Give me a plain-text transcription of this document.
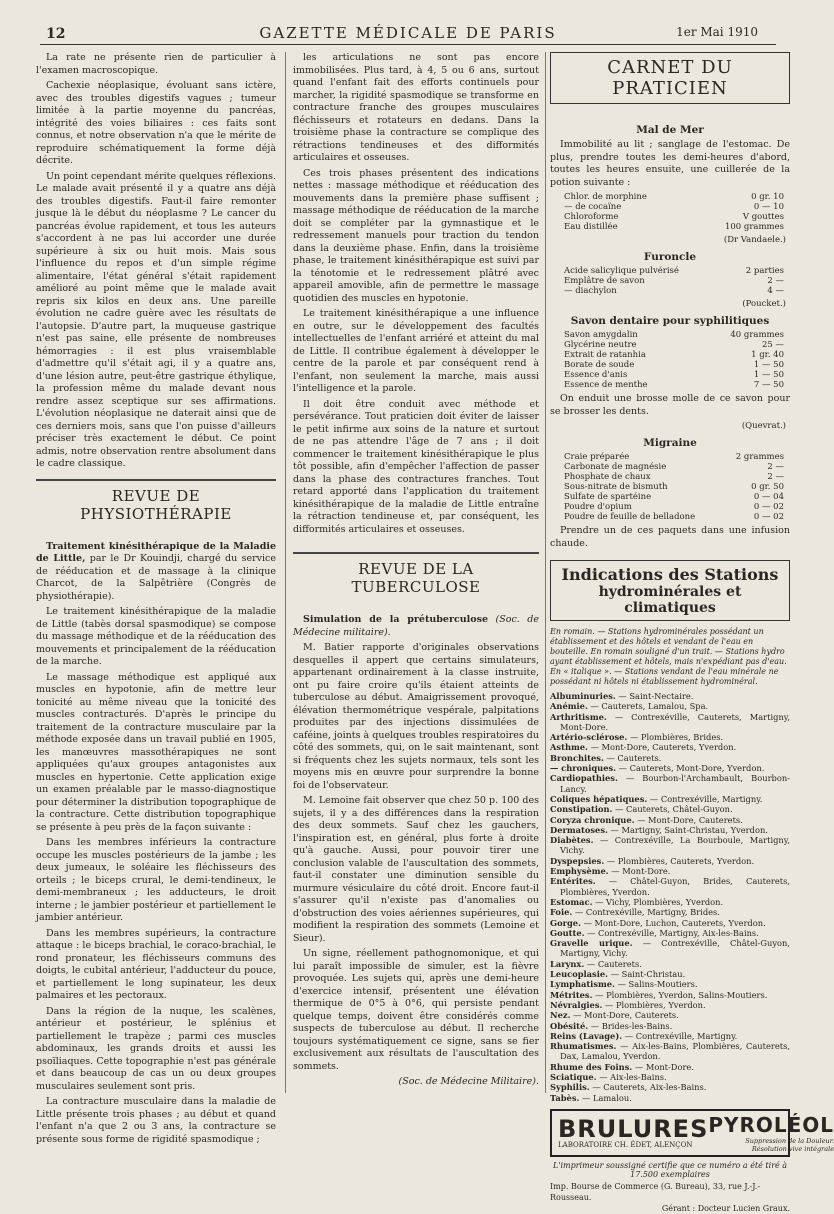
12	GAZETTE MÉDICALE DE PARIS	1er Mai 1910

La rate ne présente rien de particulier à l'examen macroscopique.

Cachexie néoplasique, évoluant sans ictère, avec des troubles digestifs vagues ; tumeur limitée à la partie moyenne du pancréas, intégrité des voies biliaires : ces faits sont connus, et notre observation n'a que le mérite de reproduire schématiquement la forme déjà décrite.

Un point cependant mérite quelques réflexions. Le malade avait présenté il y a quatre ans déjà des troubles digestifs. Faut-il faire remonter jusque là le début du néoplasme ? Le cancer du pancréas évolue rapidement, et tous les auteurs s'accordent à ne pas lui accorder une durée supérieure à six ou huit mois. Mais sous l'influence du repos et d'un simple régime alimentaire, l'état général s'était rapidement amélioré au point même que le malade avait repris six kilos en deux ans. Une pareille évolution ne cadre guère avec les résultats de l'autopsie. D'autre part, la muqueuse gastrique n'est pas saine, elle présente de nombreuses hémorragies : il est plus vraisemblable d'admettre qu'il s'était agi, il y a quatre ans, d'une lésion autre, peut-être gastrique éthylique, la profession même du malade devant nous rendre assez sceptique sur ses affirmations. L'évolution néoplasique ne daterait ainsi que de ces derniers mois, sans que l'on puisse d'ailleurs préciser très exactement le début. Ce point admis, notre observation rentre absolument dans le cadre classique.

REVUE DE PHYSIOTHÉRAPIE

Traitement kinésithérapique de la Maladie de Little, par le Dr Kouindji, chargé du service de rééducation et de massage à la clinique Charcot, de la Salpêtrière (Congrès de physiothérapie).

Le traitement kinésithérapique de la maladie de Little (tabès dorsal spasmodique) se compose du massage méthodique et de la rééducation des mouvements et principalement de la rééducation de la marche.

Le massage méthodique est appliqué aux muscles en hypotonie, afin de mettre leur tonicité au même niveau que la tonicité des muscles contracturés. D'après le principe du traitement de la contracture musculaire par la méthode exposée dans un travail publié en 1905, les manœuvres massothérapiques ne sont appliquées qu'aux groupes antagonistes aux muscles en hypertonie. Cette application exige un examen préalable par le masso-diagnostique pour déterminer la distribution topographique de la contracture. Cette distribution topographique se présente à peu près de la façon suivante :

Dans les membres inférieurs la contracture occupe les muscles postérieurs de la jambe ; les deux jumeaux, le soléaire les fléchisseurs des orteils ; le biceps crural, le demi-tendineux, le demi-membraneux ; les adducteurs, le droit interne ; le jambier postérieur et partiellement le jambier antérieur.

Dans les membres supérieurs, la contracture attaque : le biceps brachial, le coraco-brachial, le rond pronateur, les fléchisseurs communs des doigts, le cubital antérieur, l'adducteur du pouce, et partiellement le long supinateur, les deux palmaires et les pectoraux.

Dans la région de la nuque, les scalènes, antérieur et postérieur, le splénius et partiellement le trapèze ; parmi ces muscles abdominaux, les grands droits et aussi les psoïliaques. Cette topographie n'est pas générale et dans beaucoup de cas un ou deux groupes musculaires seulement sont pris.

La contracture musculaire dans la maladie de Little présente trois phases ; au début et quand l'enfant n'a que 2 ou 3 ans, la contracture se présente sous forme de rigidité spasmodique ;

les articulations ne sont pas encore immobilisées. Plus tard, à 4, 5 ou 6 ans, surtout quand l'enfant fait des efforts continuels pour marcher, la rigidité spasmodique se transforme en contracture franche des groupes musculaires fléchisseurs et rotateurs en dedans. Dans la troisième phase la contracture se complique des rétractions tendineuses et des difformités articulaires et osseuses.

Ces trois phases présentent des indications nettes : massage méthodique et rééducation des mouvements dans la première phase suffisent ; massage méthodique de rééducation de la marche doit se compléter par la gymnastique et le redressement manuels pour traction du tendon dans la deuxième phase. Enfin, dans la troisième phase, le traitement kinésithérapique est suivi par la ténotomie et le redressement plâtré avec appareil amovible, afin de permettre le massage quotidien des muscles en hypotonie.

Le traitement kinésithérapique a une influence en outre, sur le développement des facultés intellectuelles de l'enfant arriéré et atteint du mal de Little. Il contribue également à développer le centre de la parole et par conséquent rend à l'enfant, non seulement la marche, mais aussi l'intelligence et la parole.

Il doit être conduit avec méthode et persévérance. Tout praticien doit éviter de laisser le petit infirme aux soins de la nature et surtout de ne pas attendre l'âge de 7 ans ; il doit commencer le traitement kinésithérapique le plus tôt possible, afin d'empêcher l'affection de passer dans la phase des contractures franches. Tout retard apporté dans l'application du traitement kinésithérapique de la maladie de Little entraîne la rétraction tendineuse et, par conséquent, les difformités articulaires et osseuses.

REVUE DE LA TUBERCULOSE

Simulation de la prétuberculose (Soc. de Médecine militaire).

M. Batier rapporte d'originales observations desquelles il appert que certains simulateurs, appartenant ordinairement à la classe instruite, ont pu faire croire qu'ils étaient atteints de tuberculose au début. Amaigrissement provoqué, élévation thermométrique vespérale, palpitations produites par des injections dissimulées de caféine, joints à quelques troubles respiratoires du côté des sommets, qui, on le sait maintenant, sont si fréquents chez les sujets normaux, tels sont les moyens mis en œuvre pour surprendre la bonne foi de l'observateur.

M. Lemoine fait observer que chez 50 p. 100 des sujets, il y a des différences dans la respiration des deux sommets. Sauf chez les gauchers, l'inspiration est, en général, plus forte à droite qu'à gauche. Aussi, pour pouvoir tirer une conclusion valable de l'auscultation des sommets, faut-il constater une diminution sensible du murmure vésiculaire du côté droit. Encore faut-il s'assurer qu'il n'existe pas d'anomalies ou d'obstruction des voies aériennes supérieures, qui modifient la respiration des sommets (Lemoine et Sieur).

Un signe, réellement pathognomonique, et qui lui paraît impossible de simuler, est la fièvre provoquée. Les sujets qui, après une demi-heure d'exercice intensif, présentent une élévation thermique de 0°5 à 0°6, qui persiste pendant quelque temps, doivent être considérés comme suspects de tuberculose au début. Il recherche toujours systématiquement ce signe, sans se fier exclusivement aux résultats de l'auscultation des sommets.

(Soc. de Médecine Militaire).

CARNET DU PRATICIEN
Mal de Mer

Immobilité au lit ; sanglage de l'estomac. De plus, prendre toutes les demi-heures d'abord, toutes les heures ensuite, une cuillerée de la potion suivante :

Chlor. de morphine	0 gr. 10
— de cocaïne	0 — 10
Chloroforme	V gouttes
Eau distillée	100 grammes
(Dr Vandaele.)
Furoncle
Acide salicylique pulvérisé	2 parties
Emplâtre de savon	2 —
— diachylon	4 —
(Poucket.)
Savon dentaire pour syphilitiques
Savon amygdalin	40 grammes
Glycérine neutre	25 —
Extrait de ratanhia	1 gr. 40
Borate de soude	1 — 50
Essence d'anis	1 — 50
Essence de menthe	7 — 50

On enduit une brosse molle de ce savon pour se brosser les dents.

(Quevrat.)
Migraine
Craie préparée	2 grammes
Carbonate de magnésie	2 —
Phosphate de chaux	2 —
Sous-nitrate de bismuth	0 gr. 50
Sulfate de spartéine	0 — 04
Poudre d'opium	0 — 02
Poudre de feuille de belladone	0 — 02

Prendre un de ces paquets dans une infusion chaude.

Indications des Stations
hydrominérales et climatiques
En romain. — Stations hydrominérales possédant un établissement et des hôtels et vendant de l'eau en bouteille. En romain souligné d'un trait. — Stations hydro ayant établissement et hôtels, mais n'expédiant pas d'eau. En « italique ». — Stations vendant de l'eau minérale ne possédant ni hôtels ni établissement hydrominéral.

Albuminuries. — Saint-Nectaire.

Anémie. — Cauterets, Lamalou, Spa.

Arthritisme. — Contrexéville, Cauterets, Martigny, Mont-Dore.

Artério-sclérose. — Plombières, Brides.

Asthme. — Mont-Dore, Cauterets, Yverdon.

Bronchites. — Cauterets.

— chroniques. — Cauterets, Mont-Dore, Yverdon.

Cardiopathies. — Bourbon-l'Archambault, Bourbon-Lancy.

Coliques hépatiques. — Contrexéville, Martigny.

Constipation. — Cauterets, Châtel-Guyon.

Coryza chronique. — Mont-Dore, Cauterets.

Dermatoses. — Martigny, Saint-Christau, Yverdon.

Diabètes. — Contrexéville, La Bourboule, Martigny, Vichy.

Dyspepsies. — Plombières, Cauterets, Yverdon.

Emphysème. — Mont-Dore.

Entérites. — Châtel-Guyon, Brides, Cauterets, Plombières, Yverdon.

Estomac. — Vichy, Plombières, Yverdon.

Foie. — Contrexéville, Martigny, Brides.

Gorge. — Mont-Dore, Luchon, Cauterets, Yverdon.

Goutte. — Contrexéville, Martigny, Aix-les-Bains.

Gravelle urique. — Contrexéville, Châtel-Guyon, Martigny, Vichy.

Larynx. — Cauterets.

Leucoplasie. — Saint-Christau.

Lymphatisme. — Salins-Moutiers.

Métrites. — Plombières, Yverdon, Salins-Moutiers.

Névralgies. — Plombières, Yverdon.

Nez. — Mont-Dore, Cauterets.

Obésité. — Brides-les-Bains.

Reins (Lavage). — Contrexéville, Martigny.

Rhumatismes. — Aix-les-Bains, Plombières, Cauterets, Dax, Lamalou, Yverdon.

Rhume des Foins. — Mont-Dore.

Sciatique. — Aix-les-Bains.

Syphilis. — Cauterets, Aix-les-Bains.

Tabès. — Lamalou.

BRULURES
LABORATOIRE CH. ÉDET, ALENÇON
PYROLÉOL
Suppression de la Douleur. Résolution vive intégrale
L'imprimeur soussigné certifie que ce numéro a été tiré à 17.500 exemplaires
Imp. Bourse de Commerce (G. Bureau), 33, rue J.-J.-Rousseau.
Gérant : Docteur Lucien Graux.
